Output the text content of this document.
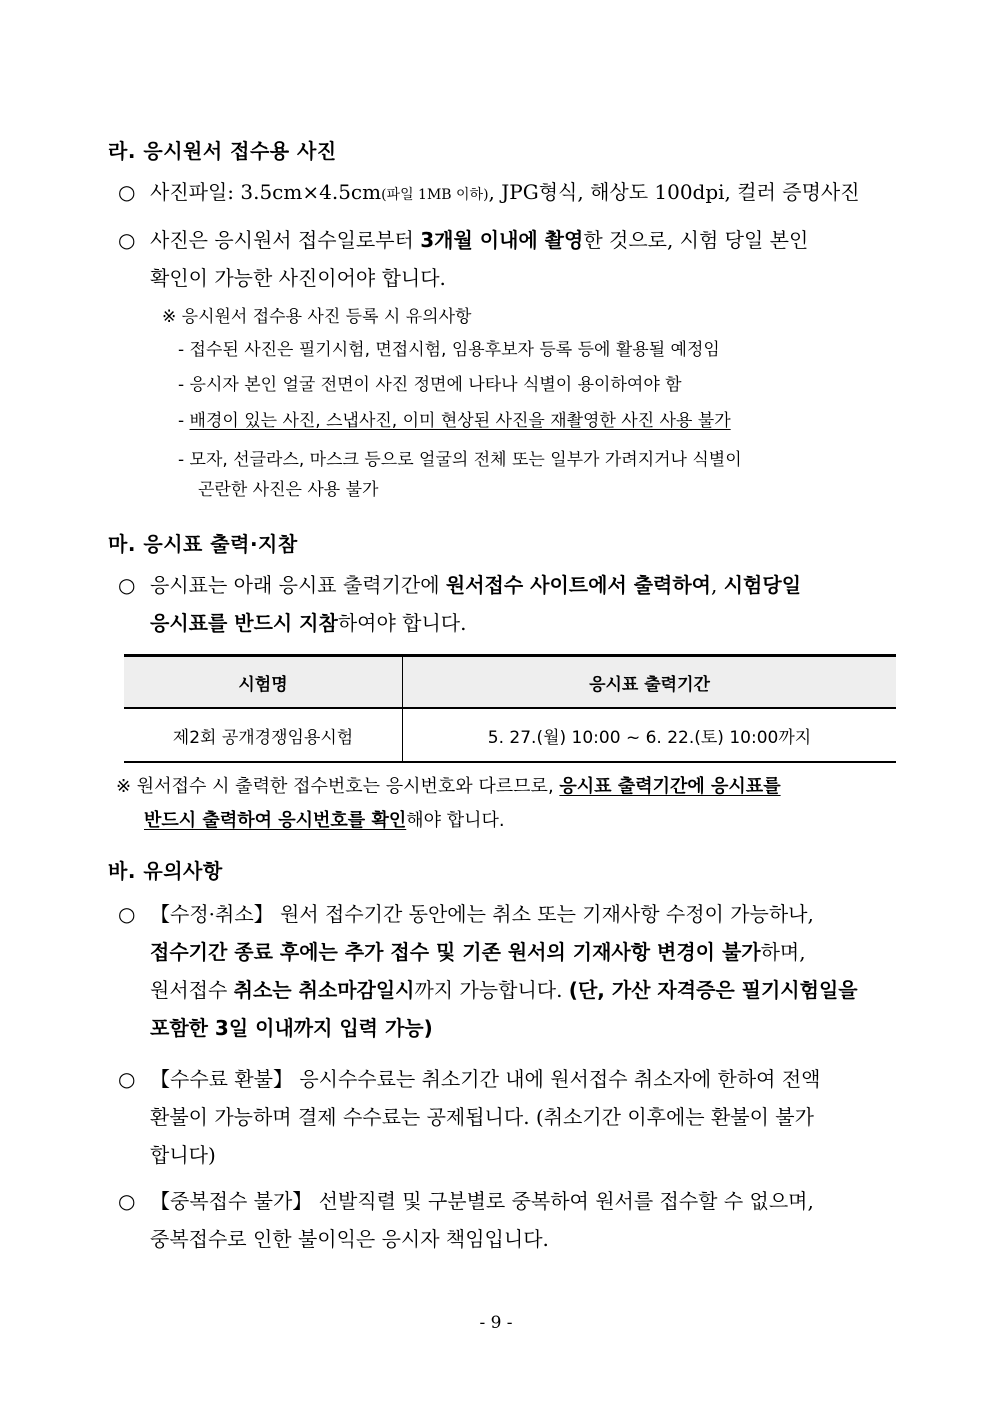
라. 응시원서 접수용 사진
○ 사진파일: 3.5cm×4.5cm(파일 1MB 이하), JPG형식, 해상도 100dpi, 컬러 증명사진
○ 사진은 응시원서 접수일로부터 3개월 이내에 촬영한 것으로, 시험 당일 본인
확인이 가능한 사진이어야 합니다.
※ 응시원서 접수용 사진 등록 시 유의사항
- 접수된 사진은 필기시험, 면접시험, 임용후보자 등록 등에 활용될 예정임
- 응시자 본인 얼굴 전면이 사진 정면에 나타나 식별이 용이하여야 함
- 배경이 있는 사진, 스냅사진, 이미 현상된 사진을 재촬영한 사진 사용 불가
- 모자, 선글라스, 마스크 등으로 얼굴의 전체 또는 일부가 가려지거나 식별이
곤란한 사진은 사용 불가
마. 응시표 출력·지참
○ 응시표는 아래 응시표 출력기간에 원서접수 사이트에서 출력하여, 시험당일
응시표를 반드시 지참하여야 합니다.
시험명	응시표 출력기간
제2회 공개경쟁임용시험	5. 27.(월) 10:00 ~ 6. 22.(토) 10:00까지
※ 원서접수 시 출력한 접수번호는 응시번호와 다르므로, 응시표 출력기간에 응시표를
반드시 출력하여 응시번호를 확인해야 합니다.
바. 유의사항
○ 【수정·취소】 원서 접수기간 동안에는 취소 또는 기재사항 수정이 가능하나,
접수기간 종료 후에는 추가 접수 및 기존 원서의 기재사항 변경이 불가하며,
원서접수 취소는 취소마감일시까지 가능합니다. (단, 가산 자격증은 필기시험일을
포함한 3일 이내까지 입력 가능)
○ 【수수료 환불】 응시수수료는 취소기간 내에 원서접수 취소자에 한하여 전액
환불이 가능하며 결제 수수료는 공제됩니다. (취소기간 이후에는 환불이 불가
합니다)
○ 【중복접수 불가】 선발직렬 및 구분별로 중복하여 원서를 접수할 수 없으며,
중복접수로 인한 불이익은 응시자 책임입니다.
- 9 -
